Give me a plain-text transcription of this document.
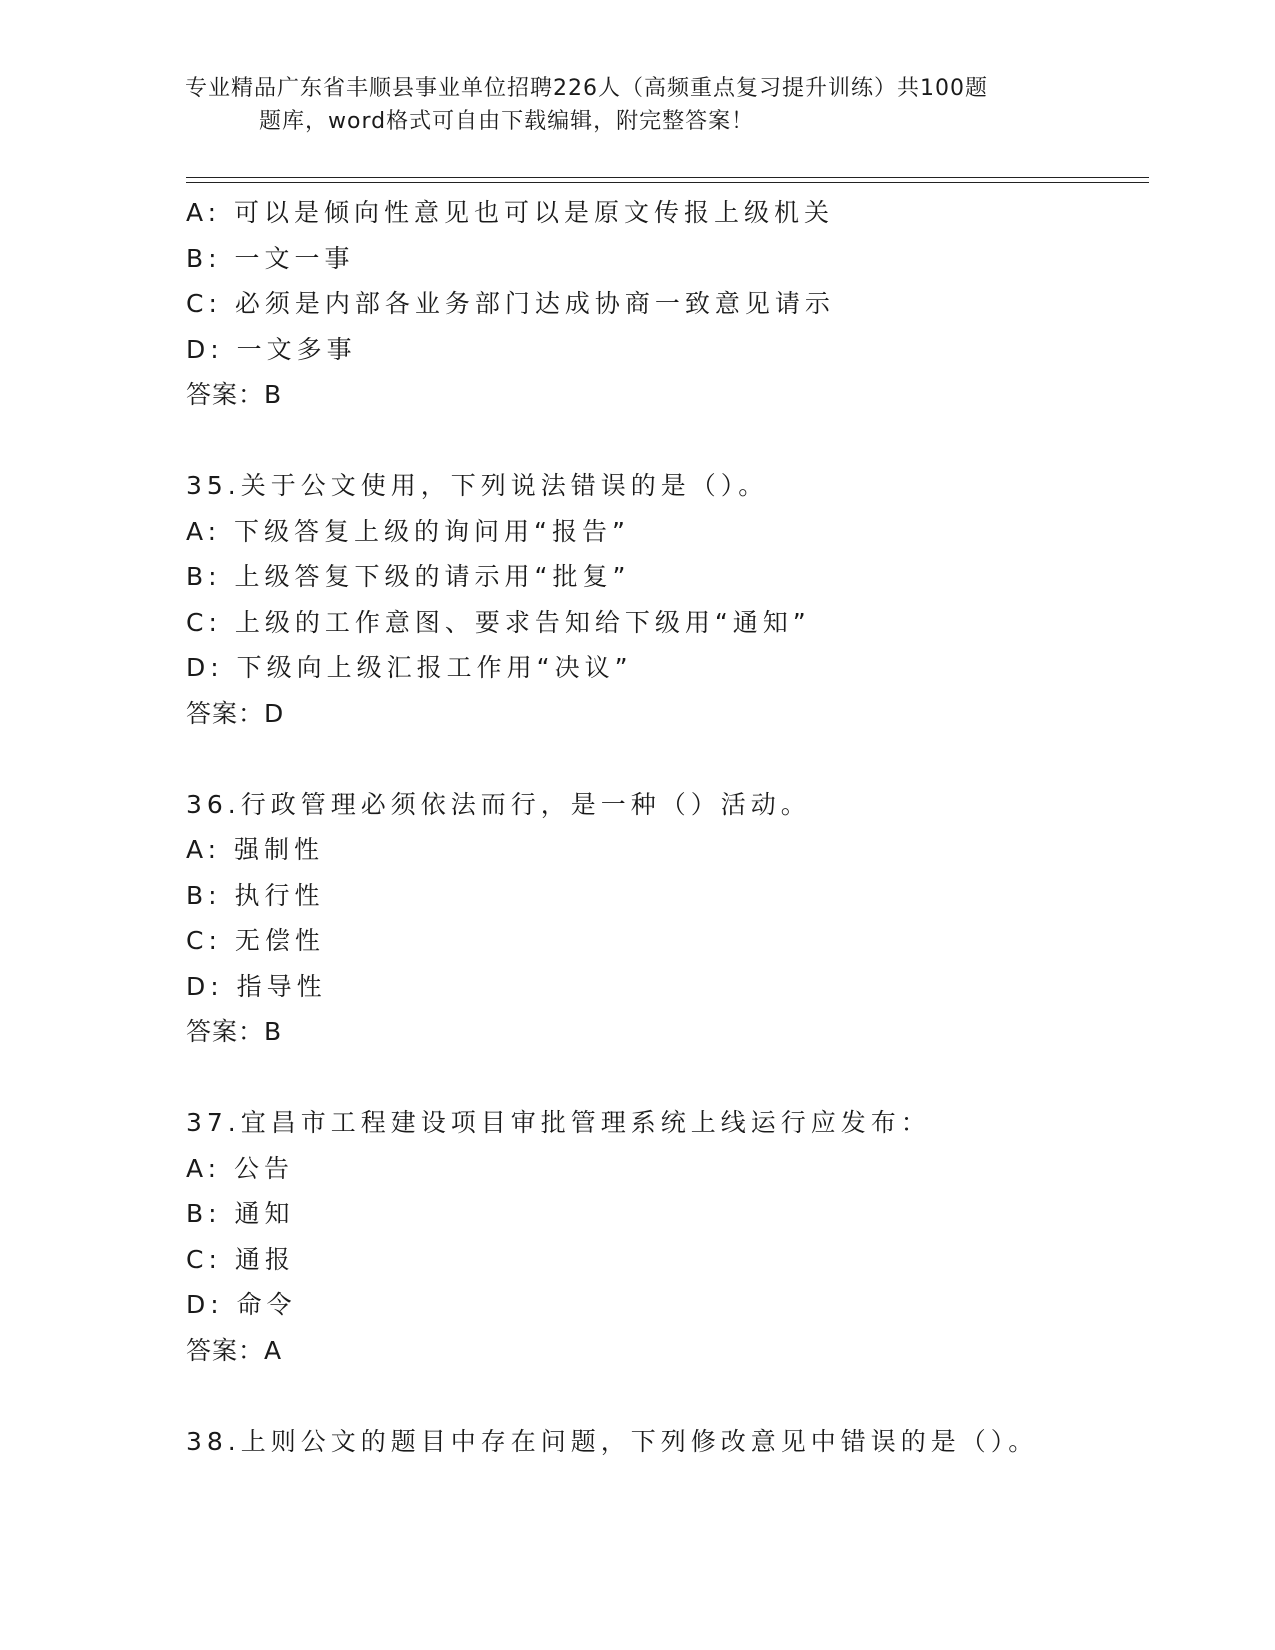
专业精品广东省丰顺县事业单位招聘226人（高频重点复习提升训练）共100题
题库，word格式可自由下载编辑，附完整答案！
A: 可以是倾向性意见也可以是原文传报上级机关
B: 一文一事
C: 必须是内部各业务部门达成协商一致意见请示
D: 一文多事
答案：B
35.关于公文使用，下列说法错误的是（）。
A: 下级答复上级的询问用“报告”
B: 上级答复下级的请示用“批复”
C: 上级的工作意图、要求告知给下级用“通知”
D: 下级向上级汇报工作用“决议”
答案：D
36.行政管理必须依法而行，是一种（）活动。
A: 强制性
B: 执行性
C: 无偿性
D: 指导性
答案：B
37.宜昌市工程建设项目审批管理系统上线运行应发布：
A: 公告
B: 通知
C: 通报
D: 命令
答案：A
38.上则公文的题目中存在问题，下列修改意见中错误的是（）。
